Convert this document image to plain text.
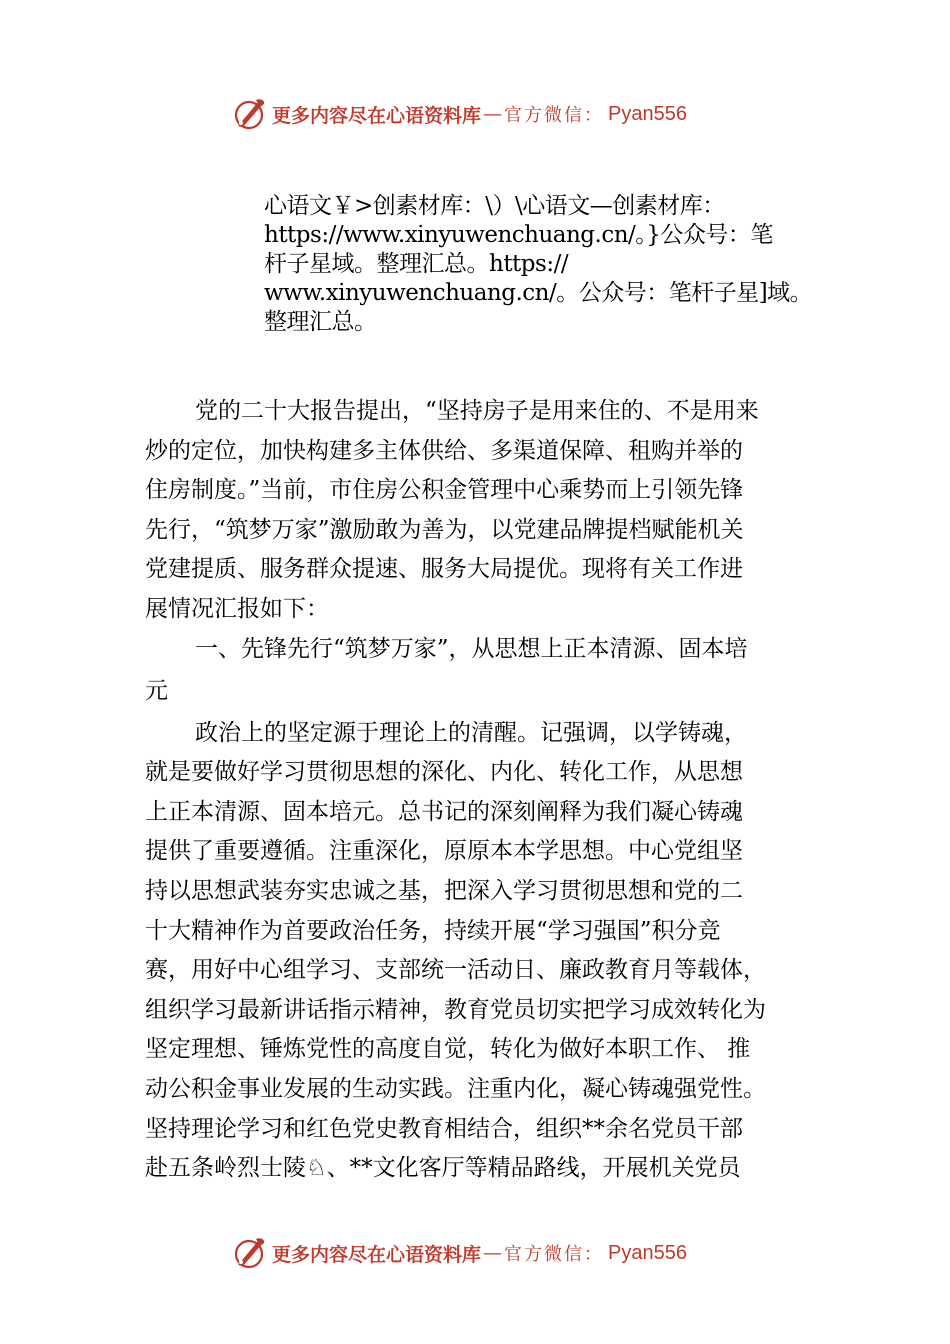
更多内容尽在心语资料库 — 官方微信： Pyan556
心语文￥>创素材库：\）\心语文—创素材库：
https://www.xinyuwenchuang.cn/。}公众号：笔
杆子星域。整理汇总。https://
www.xinyuwenchuang.cn/。公众号：笔杆子星]域。
整理汇总。
党的二十大报告提出，“坚持房子是用来住的、不是用来
炒的定位，加快构建多主体供给、多渠道保障、租购并举的
住房制度。”当前，市住房公积金管理中心乘势而上引领先锋
先行，“筑梦万家”激励敢为善为，以党建品牌提档赋能机关
党建提质、服务群众提速、服务大局提优。现将有关工作进
展情况汇报如下：
一、先锋先行“筑梦万家”，从思想上正本清源、固本培
元
政治上的坚定源于理论上的清醒。记强调，以学铸魂，
就是要做好学习贯彻思想的深化、内化、转化工作，从思想
上正本清源、固本培元。总书记的深刻阐释为我们凝心铸魂
提供了重要遵循。注重深化，原原本本学思想。中心党组坚
持以思想武装夯实忠诚之基，把深入学习贯彻思想和党的二
十大精神作为首要政治任务，持续开展“学习强国”积分竞
赛，用好中心组学习、支部统一活动日、廉政教育月等载体，
组织学习最新讲话指示精神，教育党员切实把学习成效转化为
坚定理想、锤炼党性的高度自觉，转化为做好本职工作、 推
动公积金事业发展的生动实践。注重内化，凝心铸魂强党性。
坚持理论学习和红色党史教育相结合，组织**余名党员干部
赴五条岭烈士陵♘、**文化客厅等精品路线，开展机关党员
更多内容尽在心语资料库 — 官方微信： Pyan556
